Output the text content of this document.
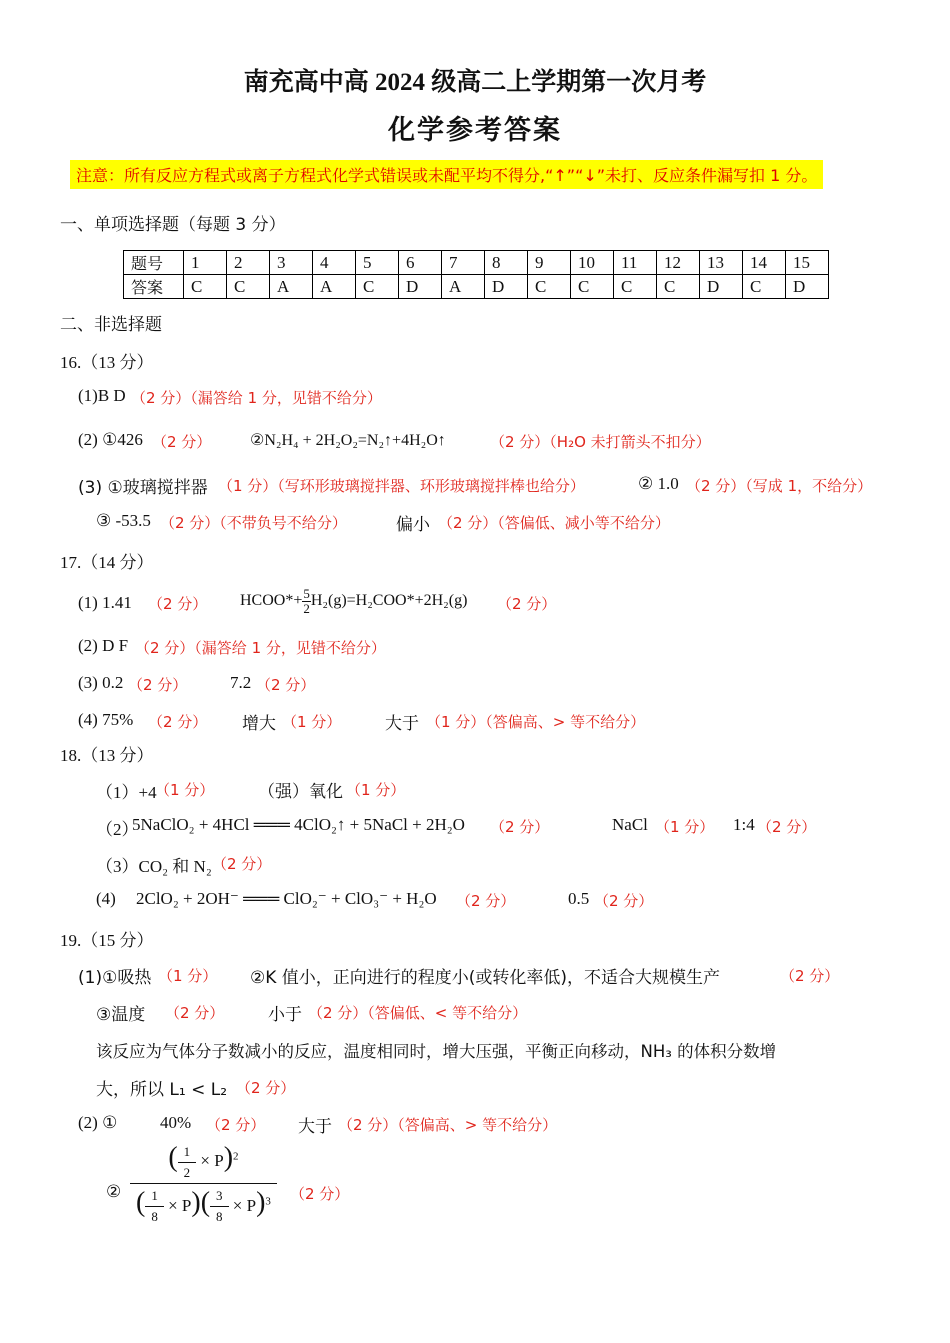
南充高中高 2024 级高二上学期第一次月考
化学参考答案
注意：所有反应方程式或离子方程式化学式错误或未配平均不得分,“↑”“↓”未打、反应条件漏写扣 1 分。
一、单项选择题（每题 3 分）
题号	1	2	3	4	5	6	7	8	9	10	11	12	13	14	15
答案	C	C	A	A	C	D	A	D	C	C	C	C	D	C	D
二、非选择题
16.（13 分）
(1)B D （2 分）（漏答给 1 分，见错不给分）
(2) ①426 （2 分） ②N₂H₄ + 2H₂O₂=N₂↑+4H₂O↑	（2 分）（H₂O 未打箭头不扣分）
(3) ①玻璃搅拌器 （1 分）（写环形玻璃搅拌器、环形玻璃搅拌棒也给分）	② 1.0 （2 分）（写成 1，不给分）
③ -53.5 （2 分）（不带负号不给分）	偏小 （2 分）（答偏低、减小等不给分）
17.（14 分）
(1) 1.41 （2 分） HCOO*+ $\frac{5}{2} H_2(g)=H_2COO*+2H_2(g)$ （2 分）
(2) D F （2 分）（漏答给 1 分，见错不给分）
(3) 0.2 （2 分）	7.2 （2 分）
(4) 75% （2 分） 增大 （1 分）	大于 （1 分）（答偏高、> 等不给分）
18.（13 分）
（1）+4
（1 分）	（强）氧化 （1 分）
（2）
5NaClO₂ + 4HCl ═══ 4ClO₂↑ + 5NaCl + 2H₂O （2 分）	NaCl （1 分） 1:4 （2 分）
（3）CO₂ 和 N₂ （2 分）
(4) 2ClO₂ + 2OH⁻ ═══ ClO₂⁻ + ClO₃⁻ + H₂O （2 分）	0.5 （2 分）
19.（15 分）
(1)①吸热 （1 分） ②K 值小，正向进行的程度小(或转化率低)，不适合大规模生产	（2 分）
③温度 （2 分）	小于 （2 分）（答偏低、< 等不给分）
该反应为气体分子数减小的反应，温度相同时，增大压强，平衡正向移动，NH₃ 的体积分数增
大，所以 L₁ < L₂ （2 分）
(2) ①	40% （2 分） 大于 （2 分）（答偏高、> 等不给分）
② $\frac{( \frac{1}{2} \times P)^2}{( \frac{1}{8} \times P)( \frac{3}{8} \times P)^3} (2$ 分）
